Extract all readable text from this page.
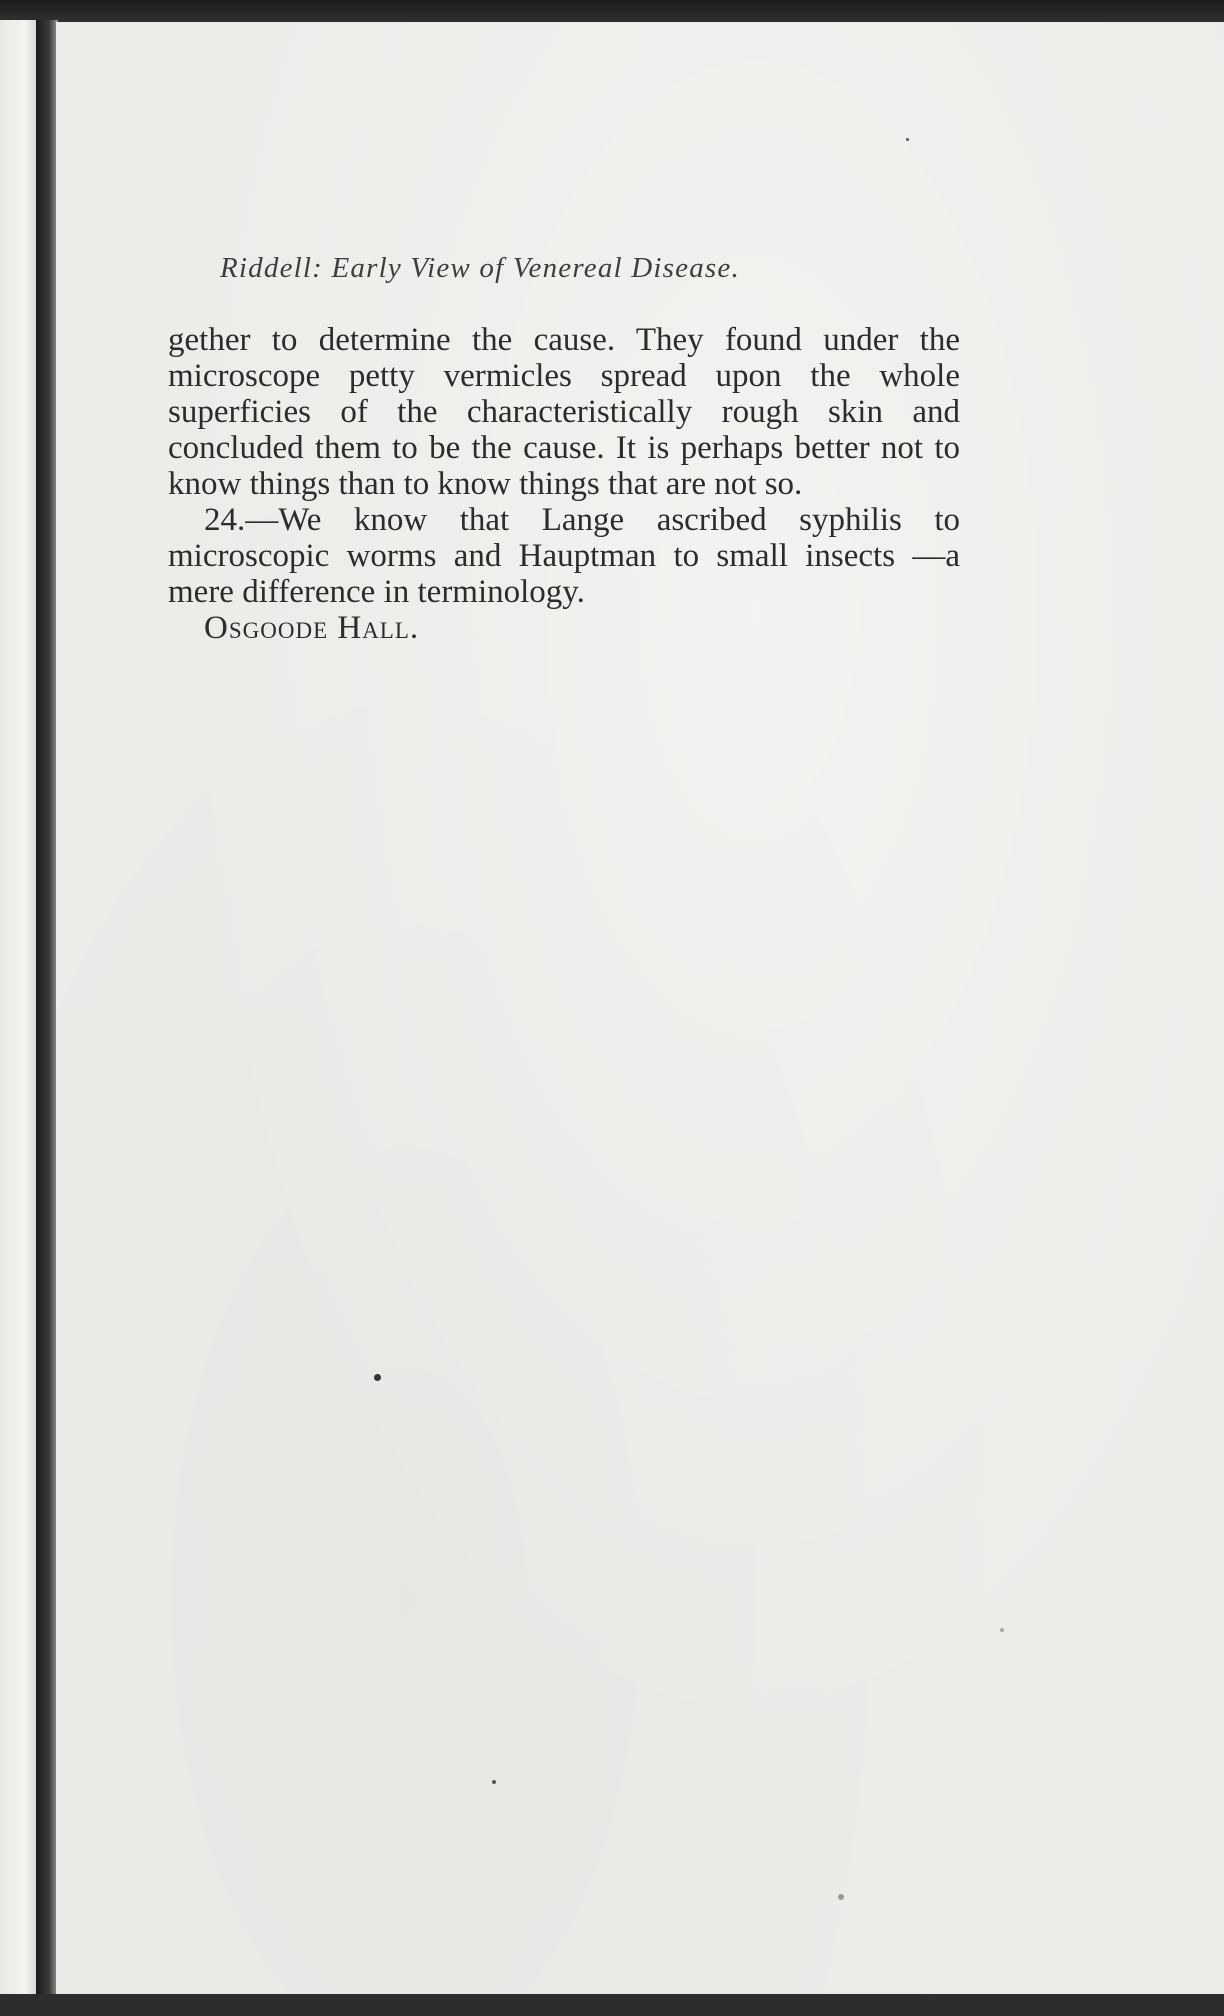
Riddell: Early View of Venereal Disease.

gether to determine the cause. They found under the microscope petty vermicles spread upon the whole superficies of the characteristically rough skin and concluded them to be the cause. It is perhaps better not to know things than to know things that are not so.

24.—We know that Lange ascribed syphilis to microscopic worms and Hauptman to small insects —a mere difference in terminology.

Osgoode Hall.
